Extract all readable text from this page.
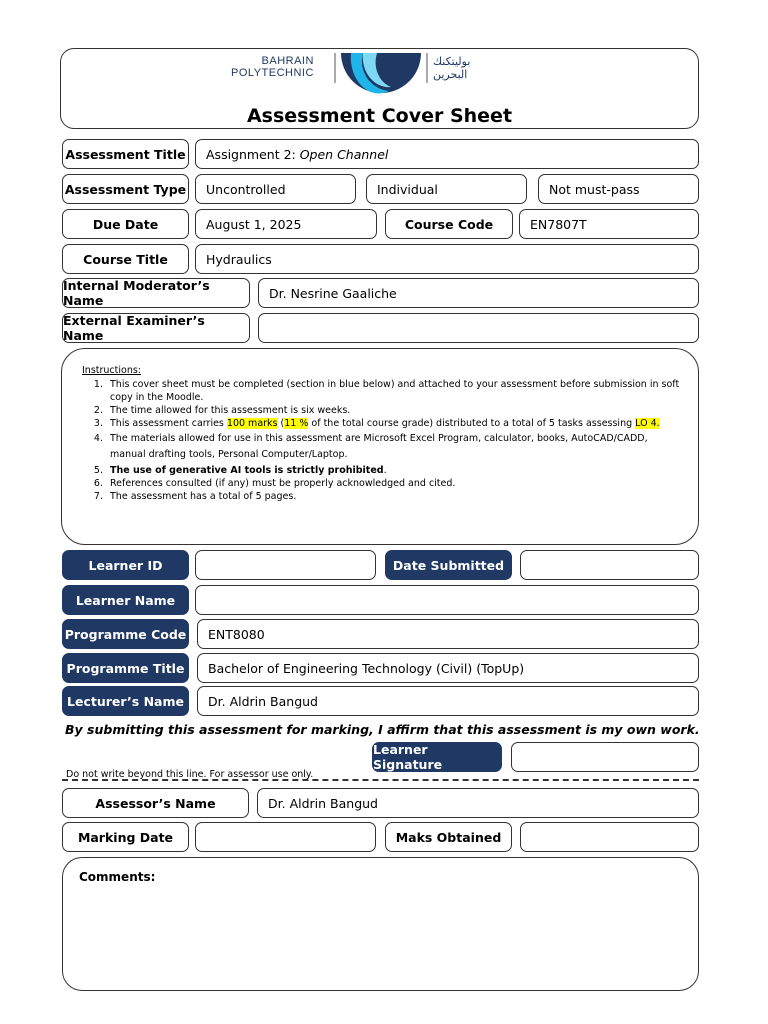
BAHRAIN
POLYTECHNIC
بوليتكنك
البحرين
Assessment Cover Sheet
Assessment Title Assignment 2: Open Channel
Assessment Type	Uncontrolled	Individual	Not must-pass
Due Date	August 1, 2025	Course Code	EN7807T
Course Title	Hydraulics
Internal Moderator’s Name	Dr. Nesrine Gaaliche
External Examiner’s Name
Instructions:
1. This cover sheet must be completed (section in blue below) and attached to your assessment before submission in soft copy in the Moodle.
2. The time allowed for this assessment is six weeks.
3. This assessment carries 100 marks (11 % of the total course grade) distributed to a total of 5 tasks assessing LO 4.
4. The materials allowed for use in this assessment are Microsoft Excel Program, calculator, books, AutoCAD/CADD, manual drafting tools, Personal Computer/Laptop.
5. The use of generative AI tools is strictly prohibited.
6. References consulted (if any) must be properly acknowledged and cited.
7. The assessment has a total of 5 pages.
Learner ID	Date Submitted
Learner Name
Programme Code	ENT8080
Programme Title	Bachelor of Engineering Technology (Civil) (TopUp)
Lecturer’s Name	Dr. Aldrin Bangud
By submitting this assessment for marking, I affirm that this assessment is my own work.
Learner Signature
Do not write beyond this line. For assessor use only.
Assessor’s Name	Dr. Aldrin Bangud
Marking Date	Maks Obtained
Comments:
